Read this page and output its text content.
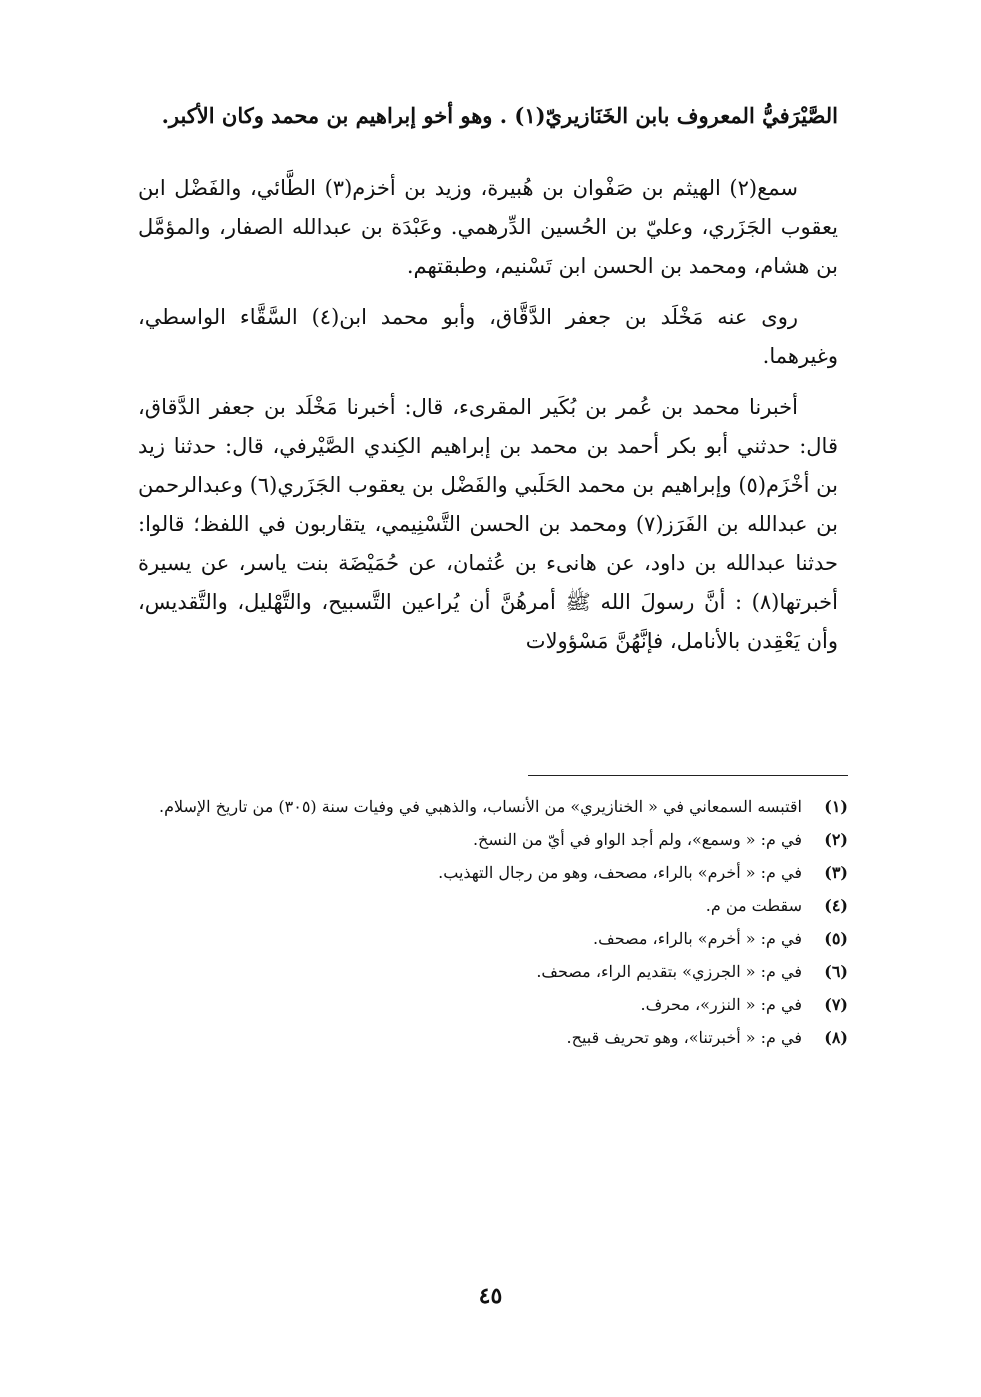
الصَّيْرَفيُّ المعروف بابن الخَنَازيريّ(١) . وهو أخو إبراهيم بن محمد وكان الأكبر.

سمع(٢) الهيثم بن صَفْوان بن هُبيرة، وزيد بن أخزم(٣) الطَّائي، والفَضْل ابن يعقوب الجَزَري، وعليّ بن الحُسين الدِّرهمي. وعَبْدَة بن عبدالله الصفار، والمؤمَّل بن هشام، ومحمد بن الحسن ابن تَسْنيم، وطبقتهم.

روى عنه مَخْلَد بن جعفر الدَّقَّاق، وأبو محمد ابن(٤) السَّقَّاء الواسطي، وغيرهما.

أخبرنا محمد بن عُمر بن بُكَير المقرىء، قال: أخبرنا مَخْلَد بن جعفر الدَّقاق، قال: حدثني أبو بكر أحمد بن محمد بن إبراهيم الكِندي الصَّيْرفي، قال: حدثنا زيد بن أخْزَم(٥) وإبراهيم بن محمد الحَلَبي والفَضْل بن يعقوب الجَزَري(٦) وعبدالرحمن بن عبدالله بن الفَرَز(٧) ومحمد بن الحسن التَّسْنِيمي، يتقاربون في اللفظ؛ قالوا: حدثنا عبدالله بن داود، عن هانىء بن عُثمان، عن حُمَيْضَة بنت ياسر، عن يسيرة أخبرتها(٨) : أنَّ رسولَ الله ﷺ أمرهُنَّ أن يُراعين التَّسبيح، والتَّهْليل، والتَّقديس، وأن يَعْقِدن بالأنامل، فإنَّهُنَّ مَسْؤولات

(١)
اقتبسه السمعاني في « الخنازيري» من الأنساب، والذهبي في وفيات سنة (٣٠٥) من تاريخ الإسلام.
(٢)
في م: « وسمع»، ولم أجد الواو في أيّ من النسخ.
(٣)
في م: « أخرم» بالراء، مصحف، وهو من رجال التهذيب.
(٤)
سقطت من م.
(٥)
في م: « أخرم» بالراء، مصحف.
(٦)
في م: « الجرزي» بتقديم الراء، مصحف.
(٧)
في م: « النزر»، محرف.
(٨)
في م: « أخبرتنا»، وهو تحريف قبيح.
٤٥
